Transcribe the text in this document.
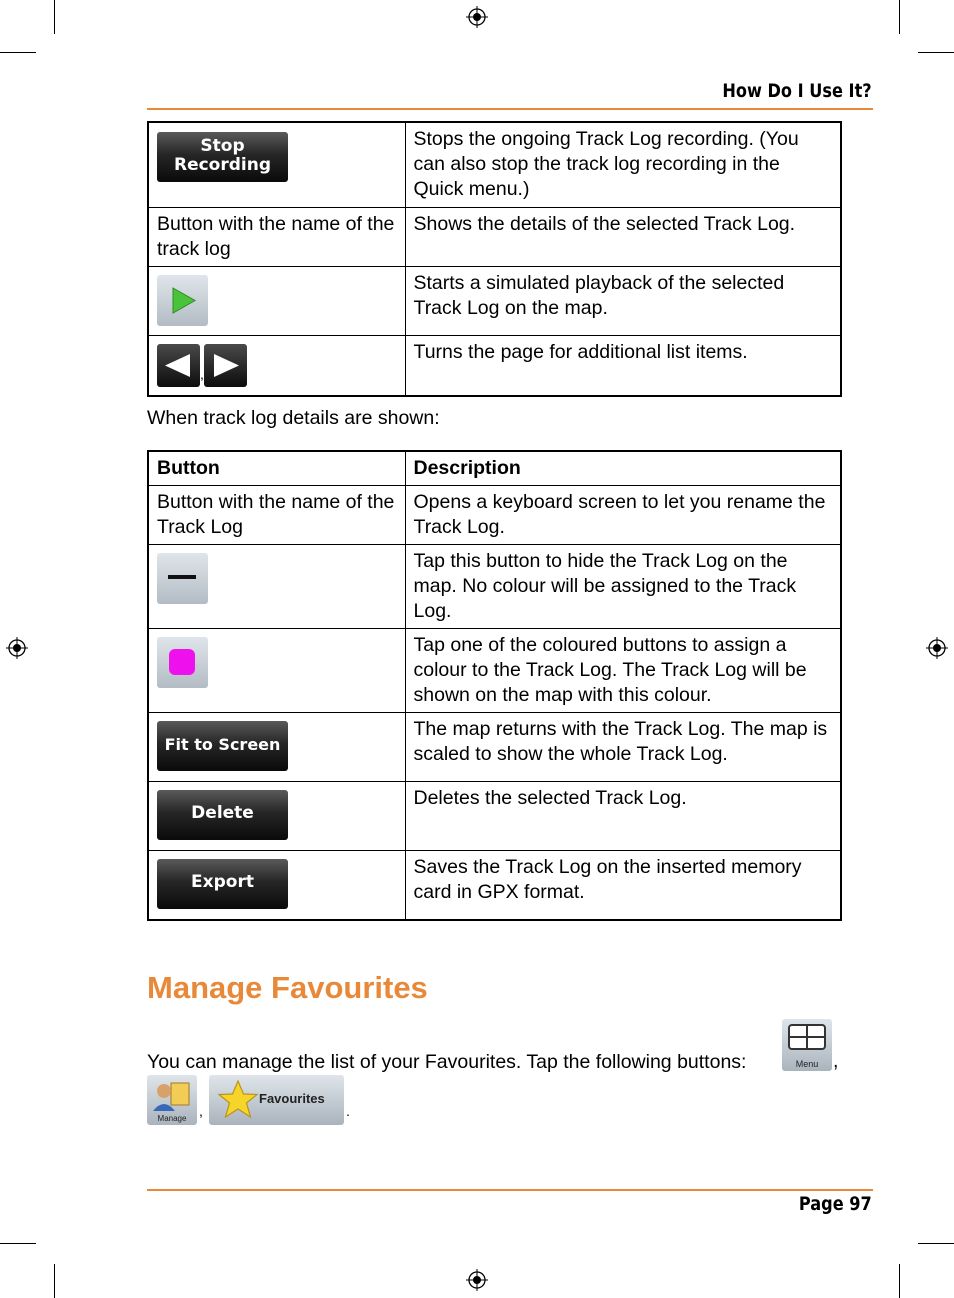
How Do I Use It?
Stop
Recording	Stops the ongoing Track Log recording. (You can also stop the track log recording in the Quick menu.)
Button with the name of the track log	Shows the details of the selected Track Log.

	Starts a simulated playback of the selected Track Log on the map.

,	Turns the page for additional list items.
When track log details are shown:
Button	Description
Button with the name of the Track Log	Opens a keyboard screen to let you rename the Track Log.

	Tap this button to hide the Track Log on the map. No colour will be assigned to the Track Log.

	Tap one of the coloured buttons to assign a colour to the Track Log. The Track Log will be shown on the map with this colour.
Fit to Screen	The map returns with the Track Log. The map is scaled to show the whole Track Log.
Delete	Deletes the selected Track Log.
Export	Saves the Track Log on the inserted memory card in GPX format.
Manage Favourites
You can manage the list of your Favourites. Tap the following buttons:	Menu ,
Manage ,
Favourites
.
Page 97
